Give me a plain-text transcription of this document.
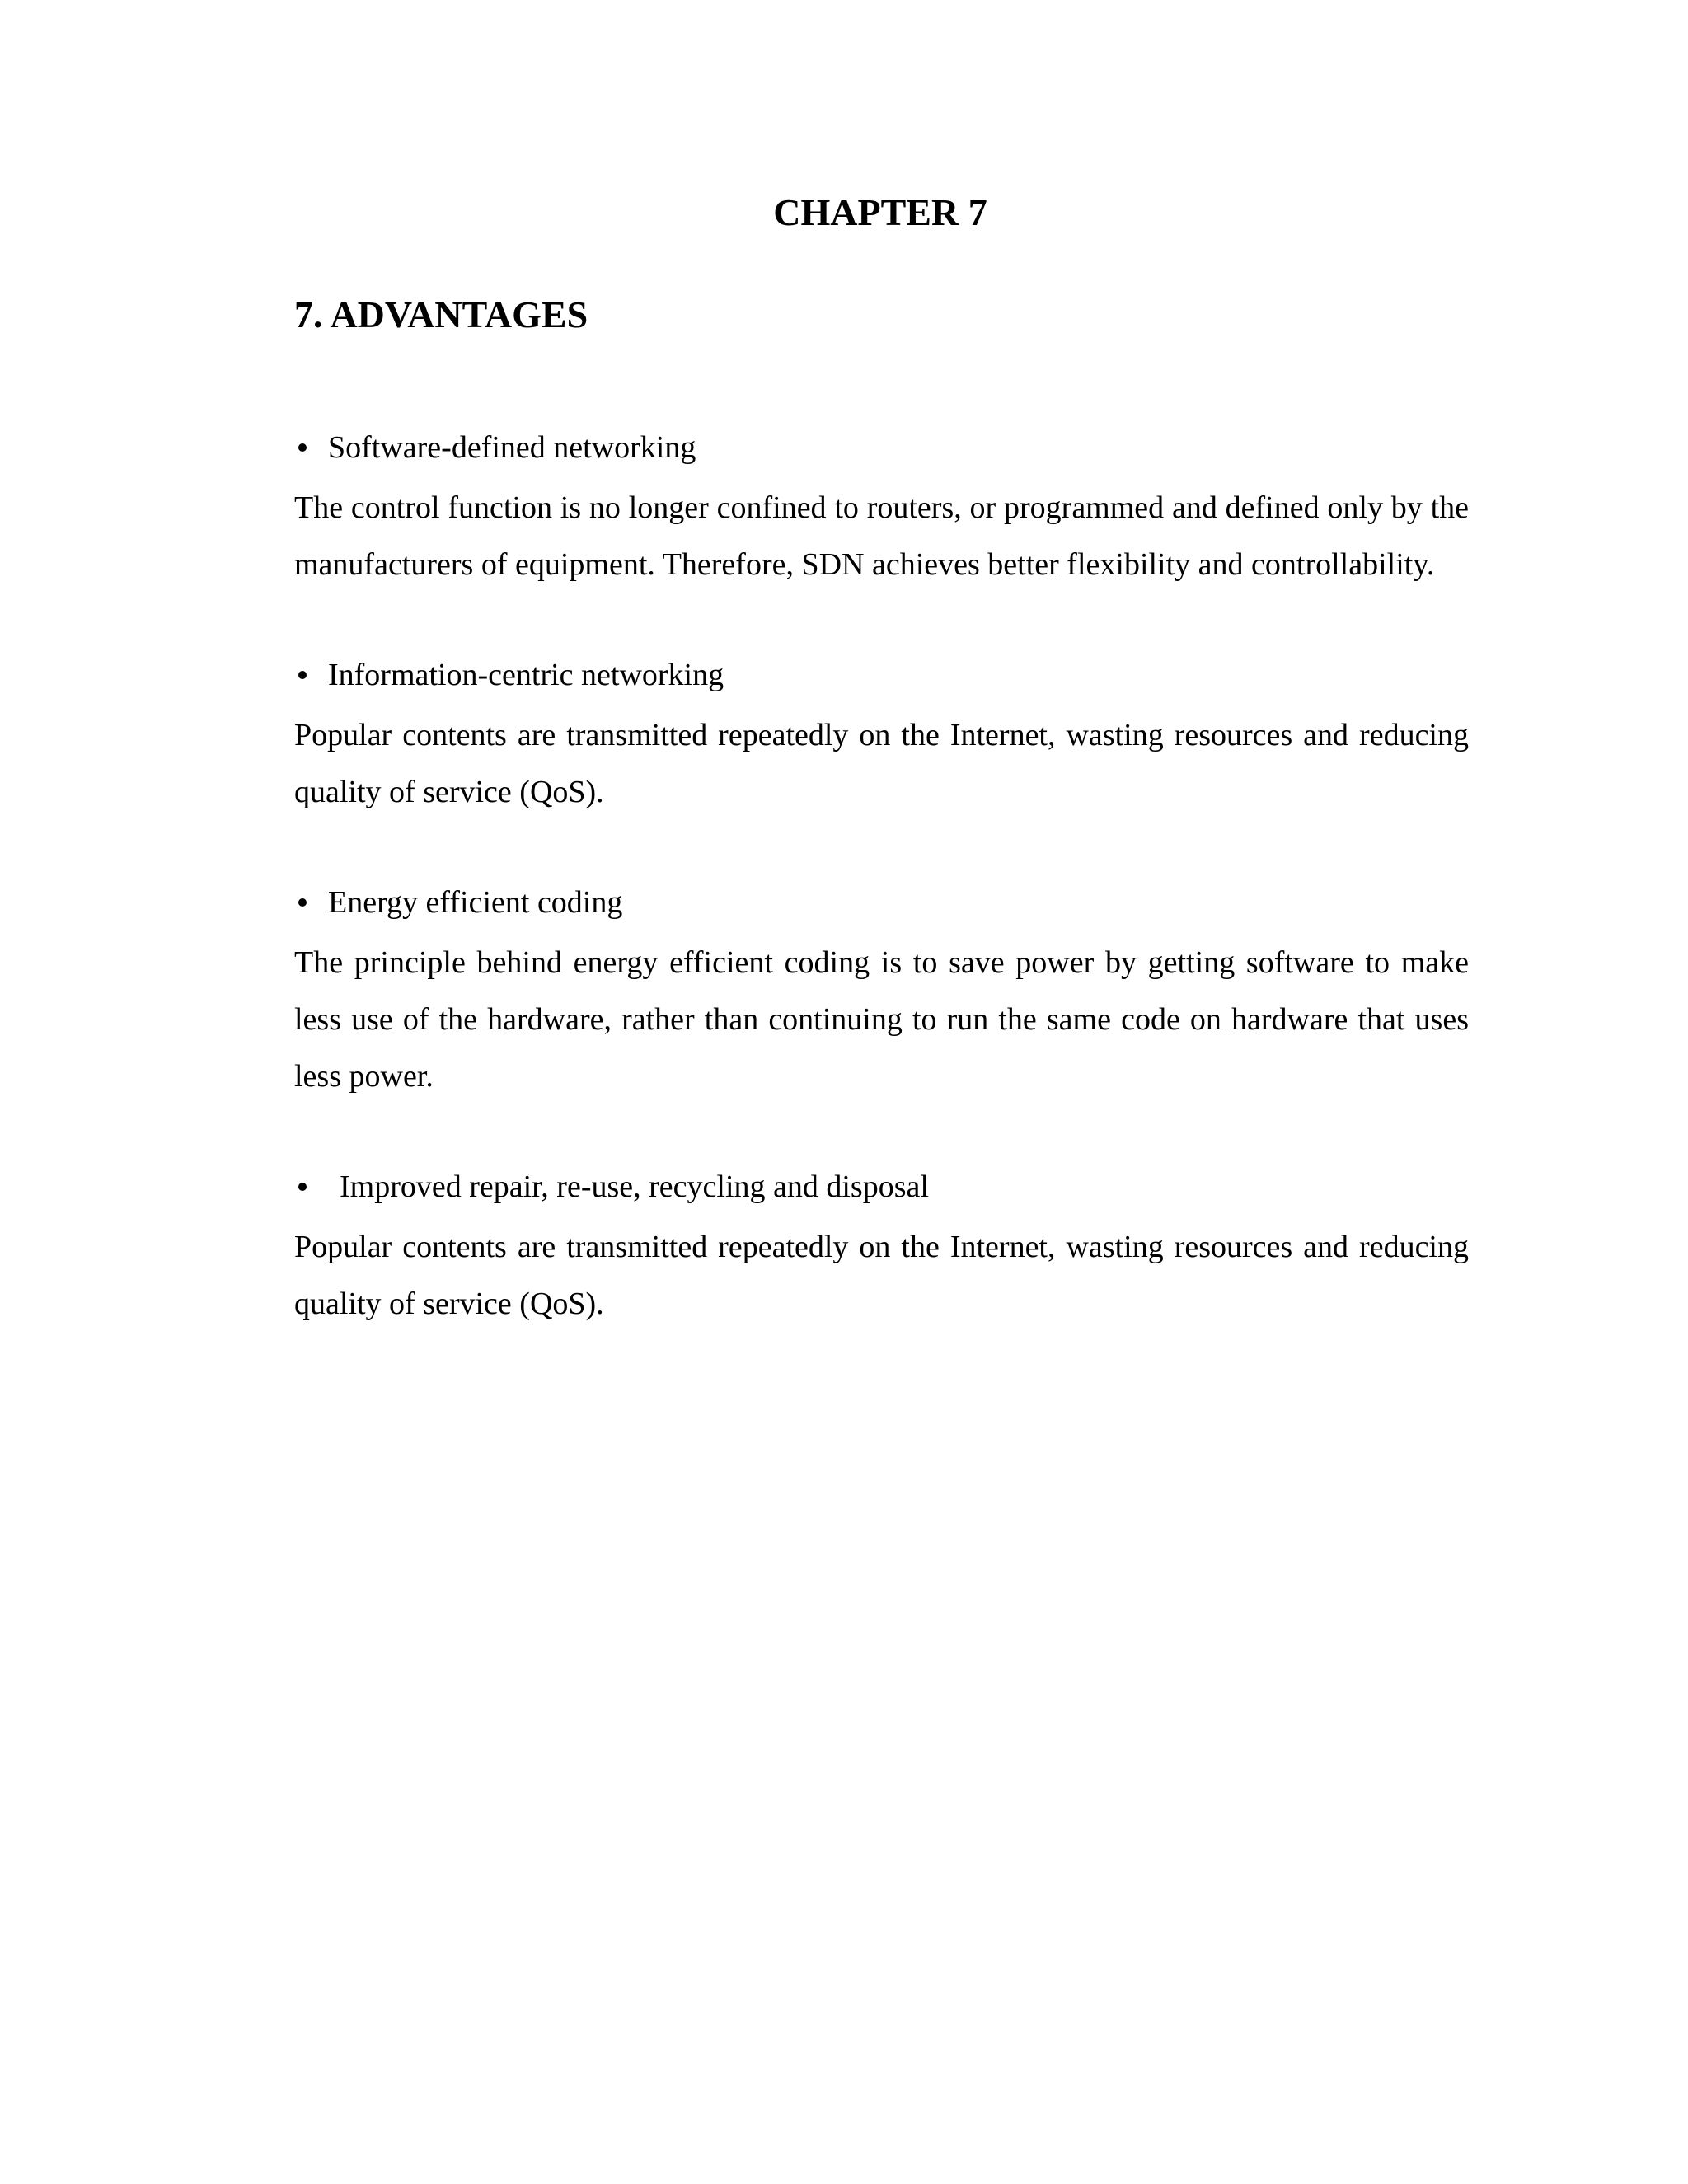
CHAPTER 7
7. ADVANTAGES
Software-defined networking

The control function is no longer confined to routers, or programmed and defined only by the manufacturers of equipment. Therefore, SDN achieves better flexibility and controllability.

Information-centric networking

Popular contents are transmitted repeatedly on the Internet, wasting resources and reducing quality of service (QoS).

Energy efficient coding

The principle behind energy efficient coding is to save power by getting software to make less use of the hardware, rather than continuing to run the same code on hardware that uses less power.

Improved repair, re-use, recycling and disposal

Popular contents are transmitted repeatedly on the Internet, wasting resources and reducing quality of service (QoS).
